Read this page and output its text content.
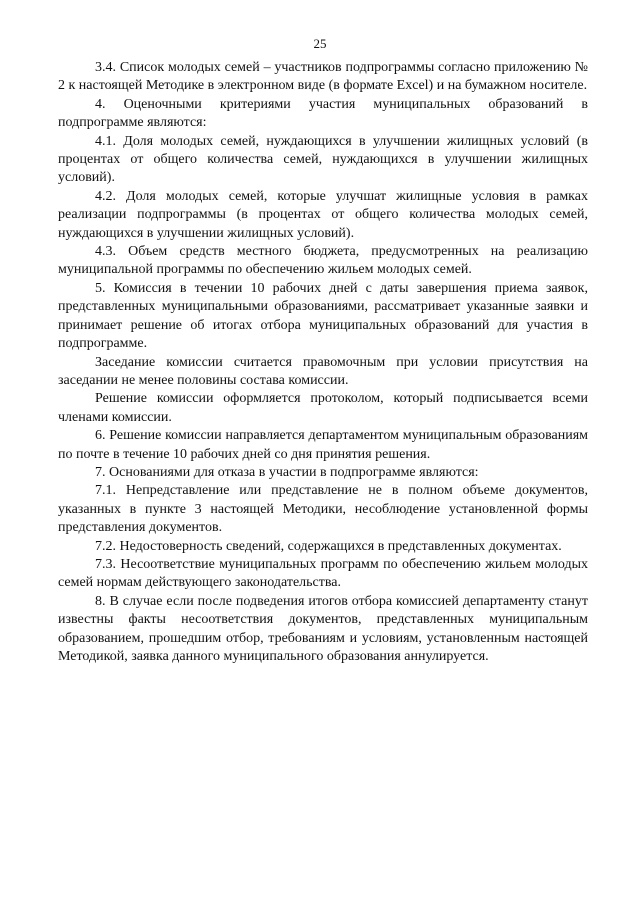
25

3.4. Список молодых семей – участников подпрограммы согласно приложению № 2 к настоящей Методике в электронном виде (в формате Excel) и на бумажном носителе.

4. Оценочными критериями участия муниципальных образований в подпрограмме являются:

4.1. Доля молодых семей, нуждающихся в улучшении жилищных условий (в процентах от общего количества семей, нуждающихся в улучшении жилищных условий).

4.2. Доля молодых семей, которые улучшат жилищные условия в рамках реализации подпрограммы (в процентах от общего количества молодых семей, нуждающихся в улучшении жилищных условий).

4.3. Объем средств местного бюджета, предусмотренных на реализацию муниципальной программы по обеспечению жильем молодых семей.

5. Комиссия в течении 10 рабочих дней с даты завершения приема заявок, представленных муниципальными образованиями, рассматривает указанные заявки и принимает решение об итогах отбора муниципальных образований для участия в подпрограмме.

Заседание комиссии считается правомочным при условии присутствия на заседании не менее половины состава комиссии.

Решение комиссии оформляется протоколом, который подписывается всеми членами комиссии.

6. Решение комиссии направляется департаментом муниципальным образованиям по почте в течение 10 рабочих дней со дня принятия решения.

7. Основаниями для отказа в участии в подпрограмме являются:

7.1. Непредставление или представление не в полном объеме документов, указанных в пункте 3 настоящей Методики, несоблюдение установленной формы представления документов.

7.2. Недостоверность сведений, содержащихся в представленных документах.

7.3. Несоответствие муниципальных программ по обеспечению жильем молодых семей нормам действующего законодательства.

8. В случае если после подведения итогов отбора комиссией департаменту станут известны факты несоответствия документов, представленных муниципальным образованием, прошедшим отбор, требованиям и условиям, установленным настоящей Методикой, заявка данного муниципального образования аннулируется.
